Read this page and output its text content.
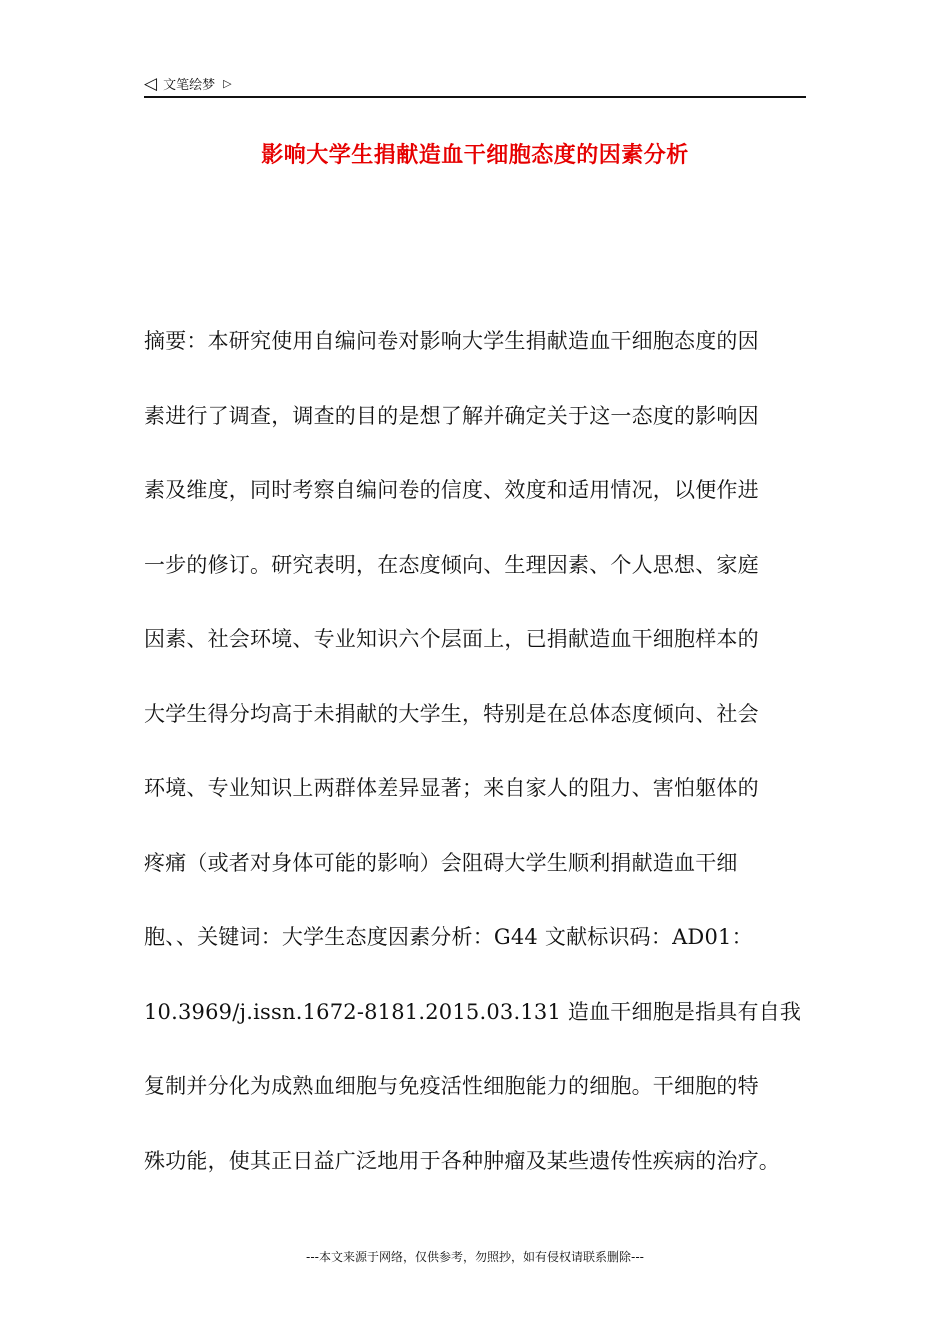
◁ 文笔绘梦 ▷
影响大学生捐献造血干细胞态度的因素分析
摘要：本研究使用自编问卷对影响大学生捐献造血干细胞态度的因
素进行了调查，调查的目的是想了解并确定关于这一态度的影响因
素及维度，同时考察自编问卷的信度、效度和适用情况，以便作进
一步的修订。研究表明，在态度倾向、生理因素、个人思想、家庭
因素、社会环境、专业知识六个层面上，已捐献造血干细胞样本的
大学生得分均高于未捐献的大学生，特别是在总体态度倾向、社会
环境、专业知识上两群体差异显著；来自家人的阻力、害怕躯体的
疼痛（或者对身体可能的影响）会阻碍大学生顺利捐献造血干细
胞、、关键词：大学生态度因素分析：G44 文献标识码：AD01：
10.3969/j.issn.1672-8181.2015.03.131 造血干细胞是指具有自我
复制并分化为成熟血细胞与免疫活性细胞能力的细胞。干细胞的特
殊功能，使其正日益广泛地用于各种肿瘤及某些遗传性疾病的治疗。
---本文来源于网络，仅供参考，勿照抄，如有侵权请联系删除---
